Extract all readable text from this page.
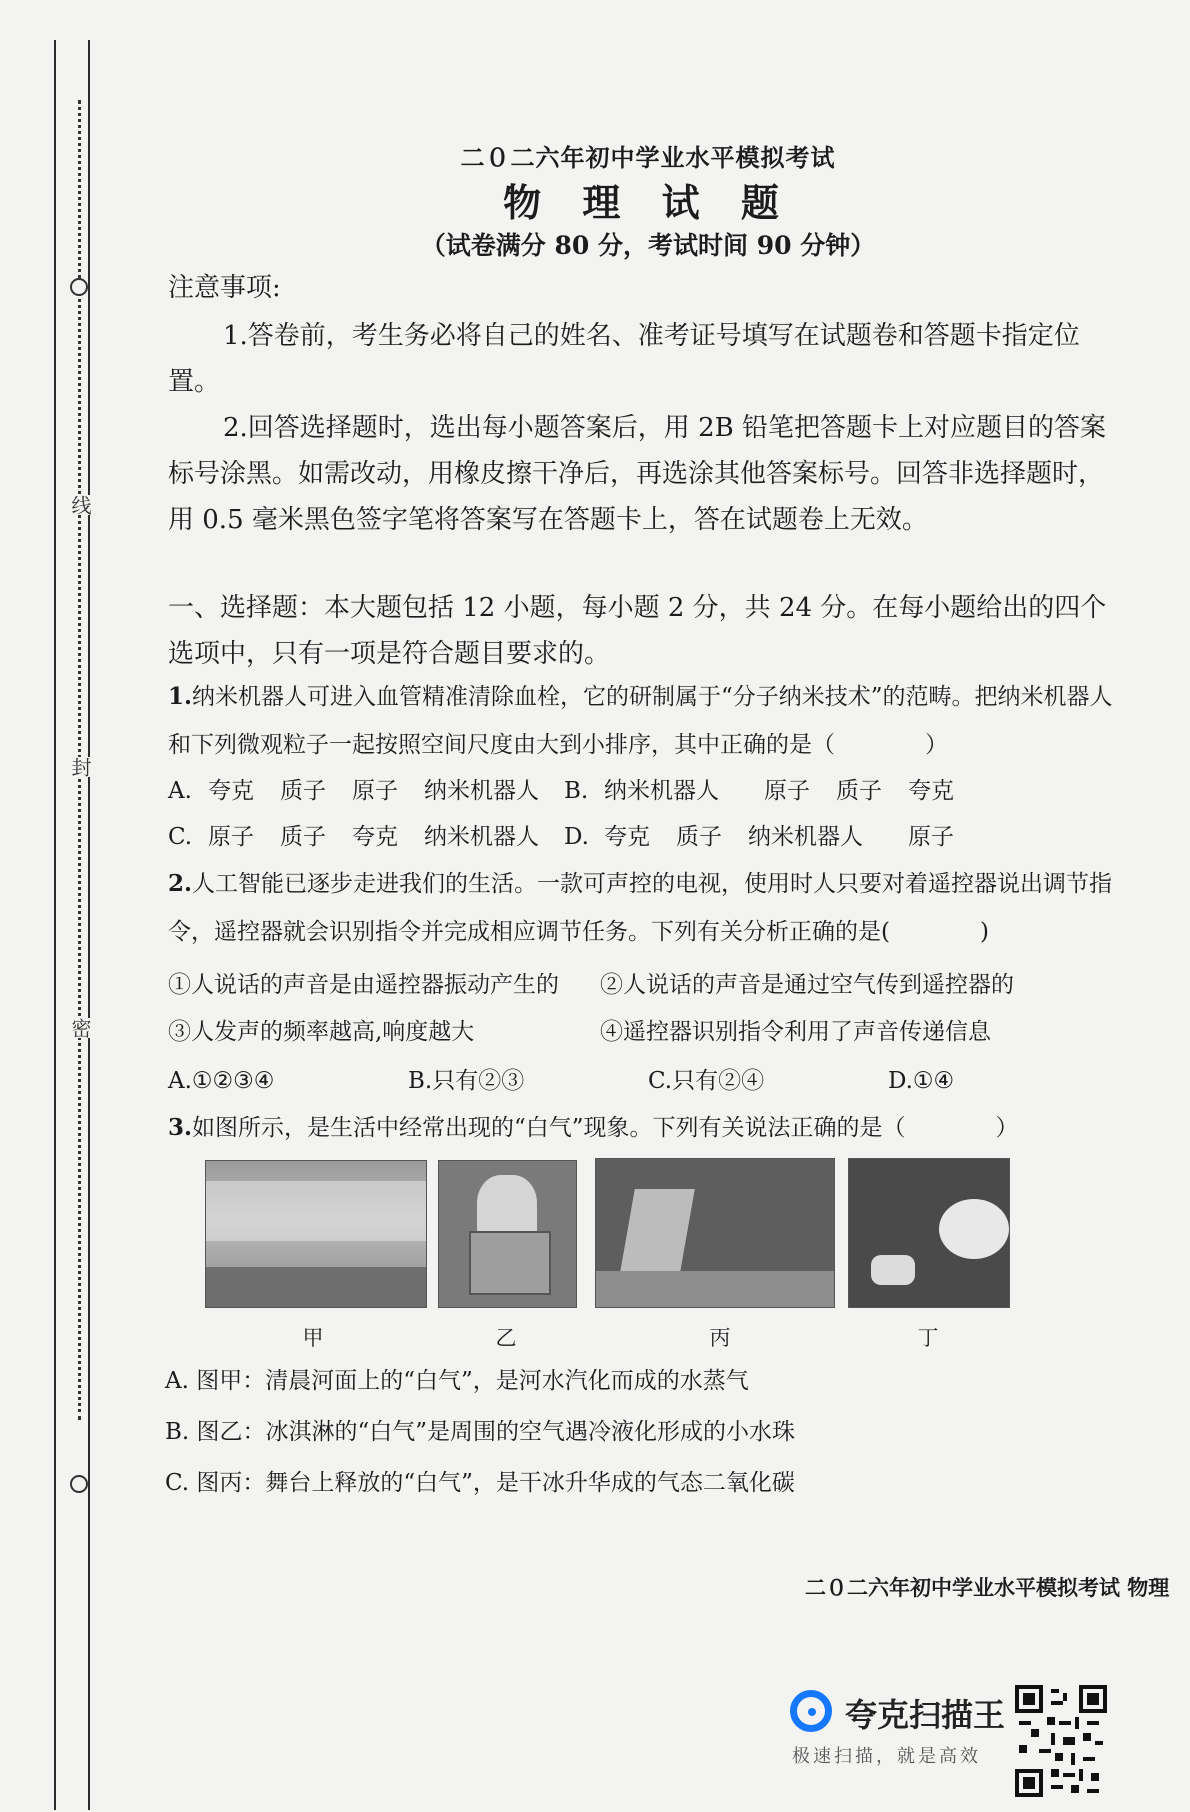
线
封
密
二０二六年初中学业水平模拟考试
物 理 试 题
（试卷满分 80 分，考试时间 90 分钟）
注意事项:
1.答卷前，考生务必将自己的姓名、准考证号填写在试题卷和答题卡指定位置。
2.回答选择题时，选出每小题答案后，用 2B 铅笔把答题卡上对应题目的答案标号涂黑。如需改动，用橡皮擦干净后，再选涂其他答案标号。回答非选择题时，用 0.5 毫米黑色签字笔将答案写在答题卡上，答在试题卷上无效。
一、选择题：本大题包括 12 小题，每小题 2 分，共 24 分。在每小题给出的四个选项中，只有一项是符合题目要求的。
1.纳米机器人可进入血管精准清除血栓，它的研制属于“分子纳米技术”的范畴。把纳米机器人和下列微观粒子一起按照空间尺度由大到小排序，其中正确的是（	）
A. 夸克 质子 原子 纳米机器人 B. 纳米机器人 原子 质子 夸克
C. 原子 质子 夸克 纳米机器人 D. 夸克 质子 纳米机器人 原子
2.人工智能已逐步走进我们的生活。一款可声控的电视，使用时人只要对着遥控器说出调节指令，遥控器就会识别指令并完成相应调节任务。下列有关分析正确的是(	)
①人说话的声音是由遥控器振动产生的 ②人说话的声音是通过空气传到遥控器的
③人发声的频率越高,响度越大	④遥控器识别指令利用了声音传递信息
A.①②③④	B.只有②③	C.只有②④	D.①④
3.如图所示，是生活中经常出现的“白气”现象。下列有关说法正确的是（	）
甲	乙	丙	丁
A. 图甲：清晨河面上的“白气”，是河水汽化而成的水蒸气
B. 图乙：冰淇淋的“白气”是周围的空气遇冷液化形成的小水珠
C. 图丙：舞台上释放的“白气”，是干冰升华成的气态二氧化碳
二０二六年初中学业水平模拟考试 物理
夸克扫描王
极速扫描，就是高效
